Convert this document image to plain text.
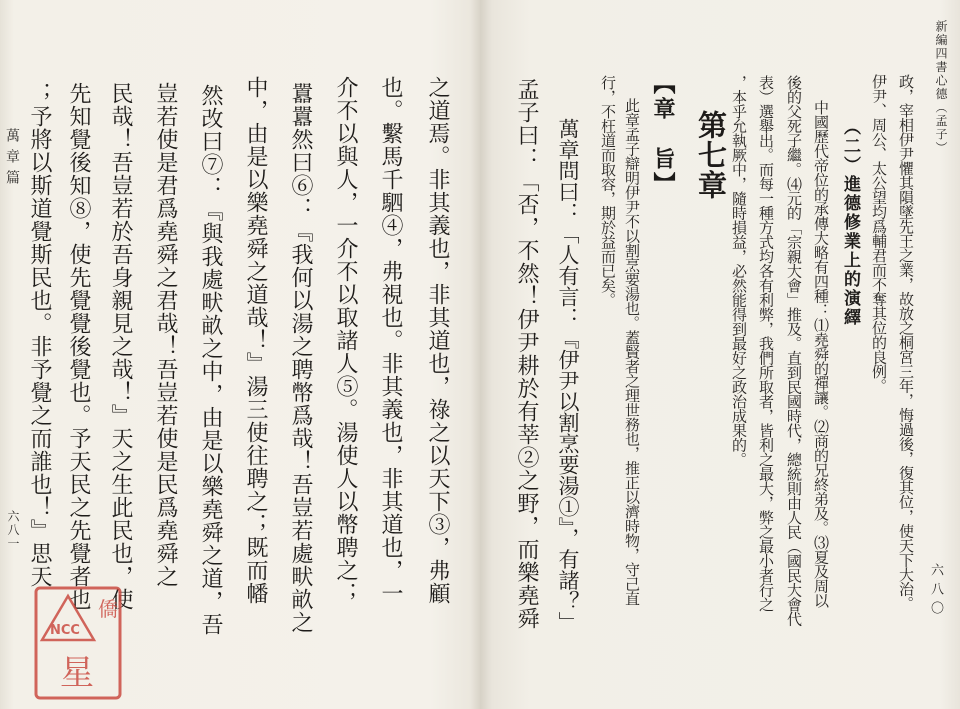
之道焉。非其義也，非其道也，祿之以天下③，弗顧
也。繫馬千駟④，弗視也。非其義也，非其道也，一
介不以與人，一介不以取諸人⑤。湯使人以幣聘之；
囂囂然曰⑥：『我何以湯之聘幣爲哉！吾豈若處畎畝之
中，由是以樂堯舜之道哉！』湯三使往聘之；既而幡
然改曰⑦：『與我處畎畝之中，由是以樂堯舜之道，吾
豈若使是君爲堯舜之君哉！吾豈若使是民爲堯舜之
民哉！吾豈若於吾身親見之哉！』天之生此民也，使
先知覺後知⑧，使先覺覺後覺也。予天民之先覺者也
；予將以斯道覺斯民也。非予覺之而誰也！』思天
萬章篇
六八一
僑
NCC
星
新編四書心德（孟子）
六八〇
政，宰相伊尹懼其隕墜先王之業，故放之桐宮三年，悔過後，復其位，使天下大治。
伊尹、周公、太公望均爲輔君而不奪其位的良例。
（二）進德修業上的演繹
中國歷代帝位的承傳大略有四種：⑴堯舜的禪讓。⑵商的兄終弟及。⑶夏及周以
後的父死子繼。⑷元的「宗親大會」推及。直到民國時代，總統則由人民（國民大會代
表）選舉出。而每一種方式均各有利弊，我們所取者，皆利之最大，弊之最小者行之
，本乎允執厥中，隨時損益，必然能得到最好之政治成果的。
第七章
【章　旨】
此章孟子辯明伊尹不以割烹要湯也。蓋賢者之理世務也，推正以濟時物，守己直
行，不枉道而取容，期於益而已矣。
萬章問曰：「人有言：『伊尹以割烹要湯①』，有諸？」
孟子曰：「否，不然！伊尹耕於有莘②之野，而樂堯舜
